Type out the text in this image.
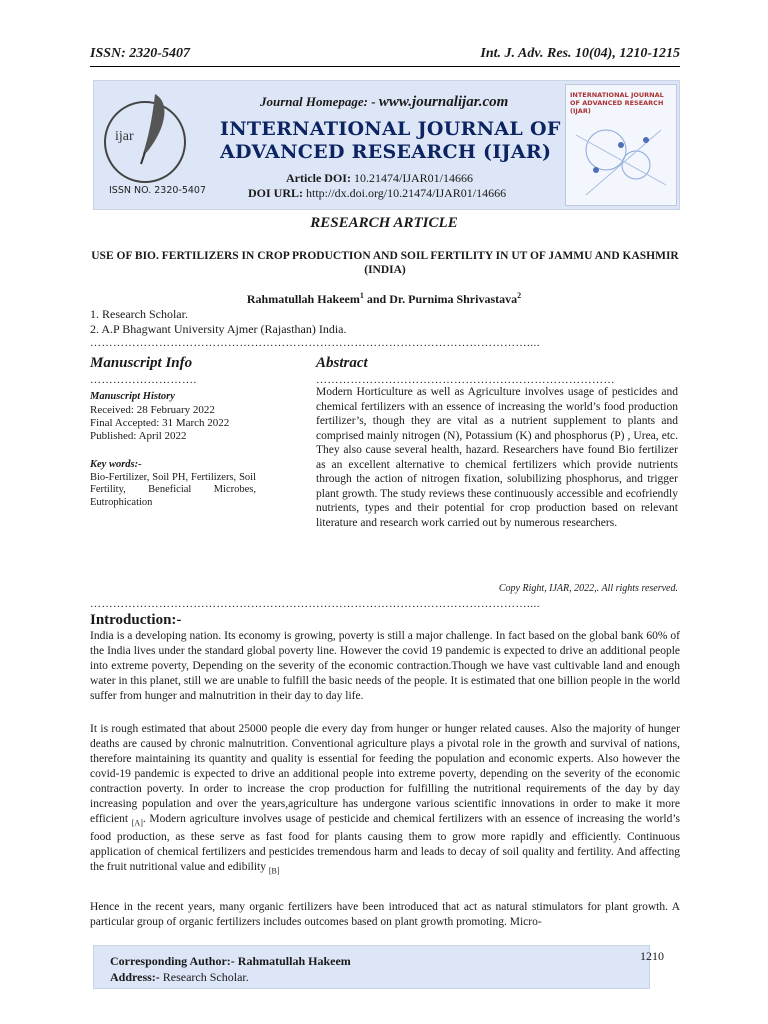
ISSN: 2320-5407	Int. J. Adv. Res. 10(04), 1210-1215
ISSN NO. 2320-5407
ijar
INTERNATIONAL JOURNAL OF ADVANCED RESEARCH (IJAR)
Journal Homepage: - www.journalijar.com
INTERNATIONAL JOURNAL OF
ADVANCED RESEARCH (IJAR)
Article DOI: 10.21474/IJAR01/14666
DOI URL: http://dx.doi.org/10.21474/IJAR01/14666
RESEARCH ARTICLE
USE OF BIO. FERTILIZERS IN CROP PRODUCTION AND SOIL FERTILITY IN UT OF JAMMU AND KASHMIR (INDIA)
Rahmatullah Hakeem$^1$ and Dr. Purnima Shrivastava$^2$
1. Research Scholar.
2. A.P Bhagwant University Ajmer (Rajasthan) India.
……………………………………………………………………………………………………....
Manuscript Info
……………………….
Manuscript History
Received: 28 February 2022
Final Accepted: 31 March 2022
Published: April 2022
Key words:-
Bio-Fertilizer, Soil PH, Fertilizers, Soil Fertility, Beneficial Microbes, Eutrophication
Abstract
……………………………………………………………………
Modern Horticulture as well as Agriculture involves usage of pesticides and chemical fertilizers with an essence of increasing the world’s food production fertilizer’s, though they are vital as a nutrient supplement to plants and comprised mainly nitrogen (N), Potassium (K) and phosphorus (P) , Urea, etc. They also cause several health, hazard. Researchers have found Bio fertilizer as an excellent alternative to chemical fertilizers which provide nutrients through the action of nitrogen fixation, solubilizing phosphorus, and trigger plant growth. The study reviews these continuously accessible and ecofriendly nutrients, types and their potential for crop production based on relevant literature and research work carried out by numerous researchers.
Copy Right, IJAR, 2022,. All rights reserved.
……………………………………………………………………………………………………....
Introduction:-
India is a developing nation. Its economy is growing, poverty is still a major challenge. In fact based on the global bank 60% of the India lives under the standard global poverty line. However the covid 19 pandemic is expected to drive an additional people into extreme poverty, Depending on the severity of the economic contraction.Though we have vast cultivable land and enough water in this planet, still we are unable to fulfill the basic needs of the people. It is estimated that one billion people in the world suffer from hunger and malnutrition in their day to day life.
It is rough estimated that about 25000 people die every day from hunger or hunger related causes. Also the majority of hunger deaths are caused by chronic malnutrition. Conventional agriculture plays a pivotal role in the growth and survival of nations, therefore maintaining its quantity and quality is essential for feeding the population and economic experts. Also however the covid-19 pandemic is expected to drive an additional people into extreme poverty, depending on the severity of the economic contraction poverty. In order to increase the crop production for fulfilling the nutritional requirements of the day by day increasing population and over the years,agriculture has undergone various scientific innovations in order to make it more efficient $_{[A]}$. Modern agriculture involves usage of pesticide and chemical fertilizers with an essence of increasing the world’s food production, as these serve as fast food for plants causing them to grow more rapidly and efficiently. Continuous application of chemical fertilizers and pesticides tremendous harm and leads to decay of soil quality and fertility. And affecting the fruit nutritional value and edibility $_{[B]}$
Hence in the recent years, many organic fertilizers have been introduced that act as natural stimulators for plant growth. A particular group of organic fertilizers includes outcomes based on plant growth promoting. Micro-
Corresponding Author:- Rahmatullah Hakeem
Address:- Research Scholar.
1210
